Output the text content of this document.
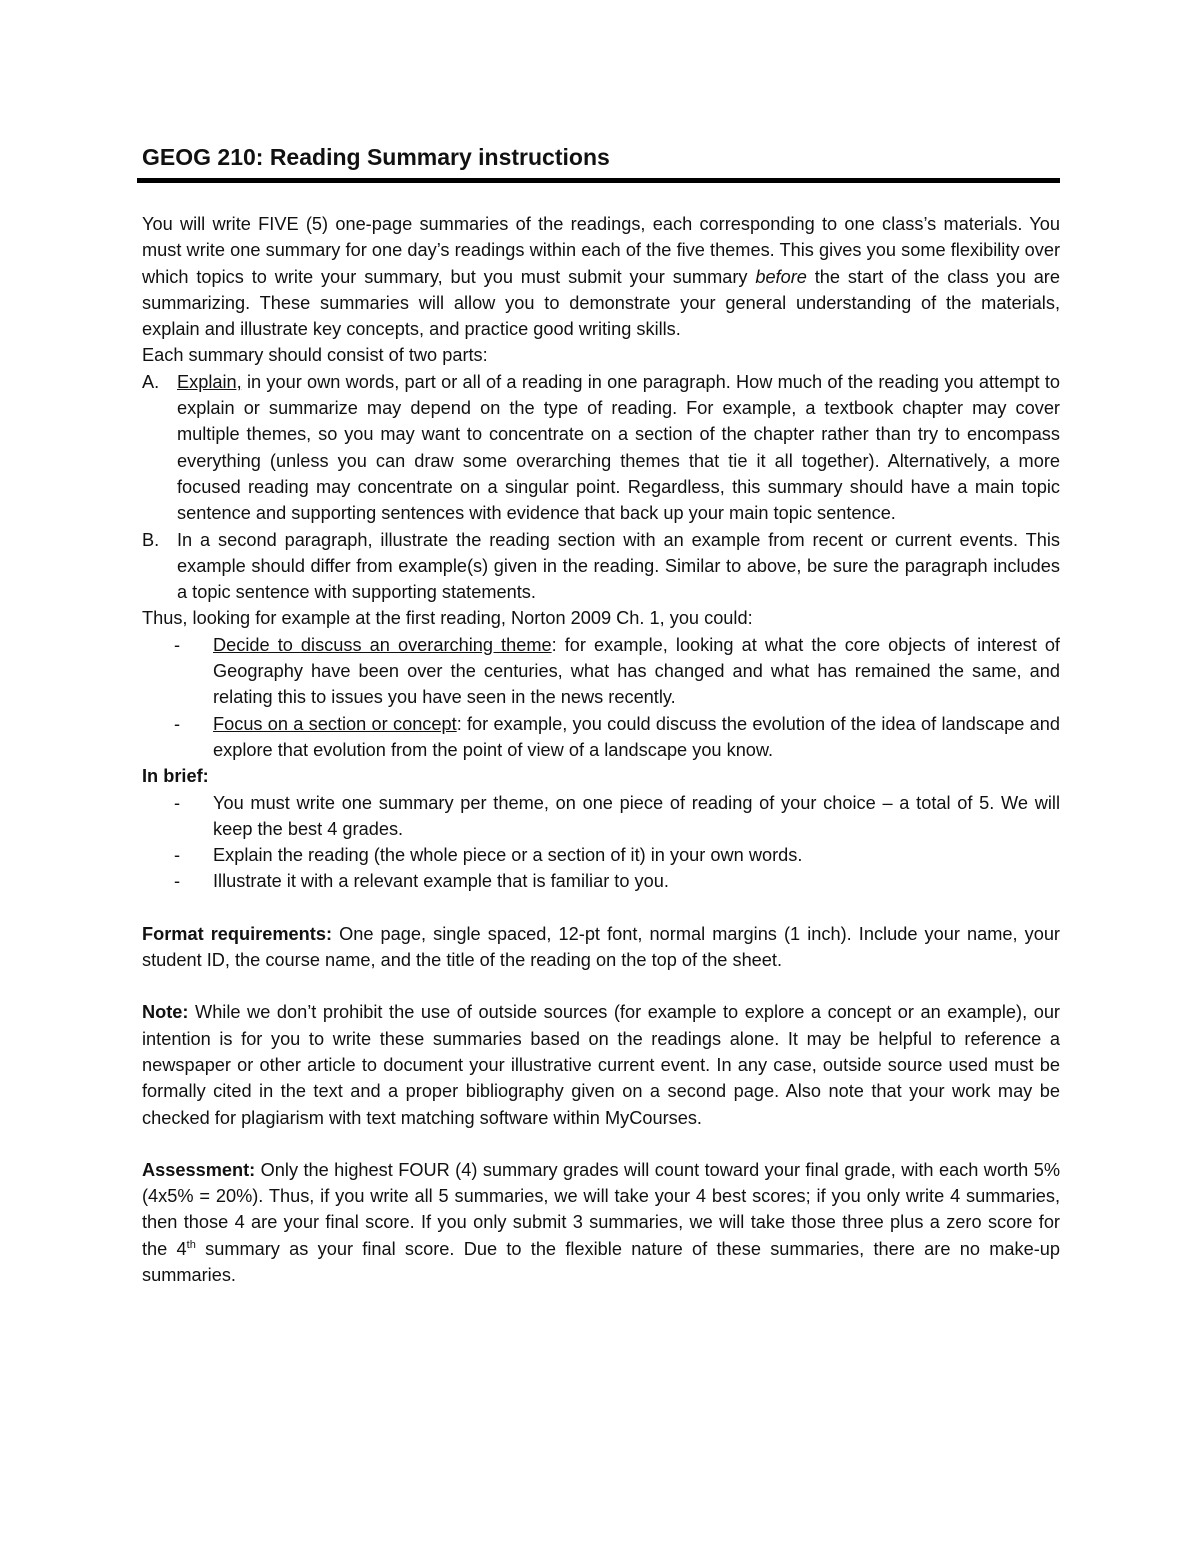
GEOG 210: Reading Summary instructions

You will write FIVE (5) one-page summaries of the readings, each corresponding to one class’s materials. You must write one summary for one day’s readings within each of the five themes. This gives you some flexibility over which topics to write your summary, but you must submit your summary before the start of the class you are summarizing. These summaries will allow you to demonstrate your general understanding of the materials, explain and illustrate key concepts, and practice good writing skills.

Each summary should consist of two parts:

A. Explain, in your own words, part or all of a reading in one paragraph. How much of the reading you attempt to explain or summarize may depend on the type of reading. For example, a textbook chapter may cover multiple themes, so you may want to concentrate on a section of the chapter rather than try to encompass everything (unless you can draw some overarching themes that tie it all together). Alternatively, a more focused reading may concentrate on a singular point. Regardless, this summary should have a main topic sentence and supporting sentences with evidence that back up your main topic sentence.
B. In a second paragraph, illustrate the reading section with an example from recent or current events. This example should differ from example(s) given in the reading. Similar to above, be sure the paragraph includes a topic sentence with supporting statements.

Thus, looking for example at the first reading, Norton 2009 Ch. 1, you could:

- Decide to discuss an overarching theme: for example, looking at what the core objects of interest of Geography have been over the centuries, what has changed and what has remained the same, and relating this to issues you have seen in the news recently.
- Focus on a section or concept: for example, you could discuss the evolution of the idea of landscape and explore that evolution from the point of view of a landscape you know.

In brief:

- You must write one summary per theme, on one piece of reading of your choice – a total of 5. We will keep the best 4 grades.
- Explain the reading (the whole piece or a section of it) in your own words.
- Illustrate it with a relevant example that is familiar to you.

Format requirements: One page, single spaced, 12-pt font, normal margins (1 inch). Include your name, your student ID, the course name, and the title of the reading on the top of the sheet.

Note: While we don’t prohibit the use of outside sources (for example to explore a concept or an example), our intention is for you to write these summaries based on the readings alone. It may be helpful to reference a newspaper or other article to document your illustrative current event. In any case, outside source used must be formally cited in the text and a proper bibliography given on a second page. Also note that your work may be checked for plagiarism with text matching software within MyCourses.

Assessment: Only the highest FOUR (4) summary grades will count toward your final grade, with each worth 5% (4x5% = 20%). Thus, if you write all 5 summaries, we will take your 4 best scores; if you only write 4 summaries, then those 4 are your final score. If you only submit 3 summaries, we will take those three plus a zero score for the 4th summary as your final score. Due to the flexible nature of these summaries, there are no make-up summaries.
